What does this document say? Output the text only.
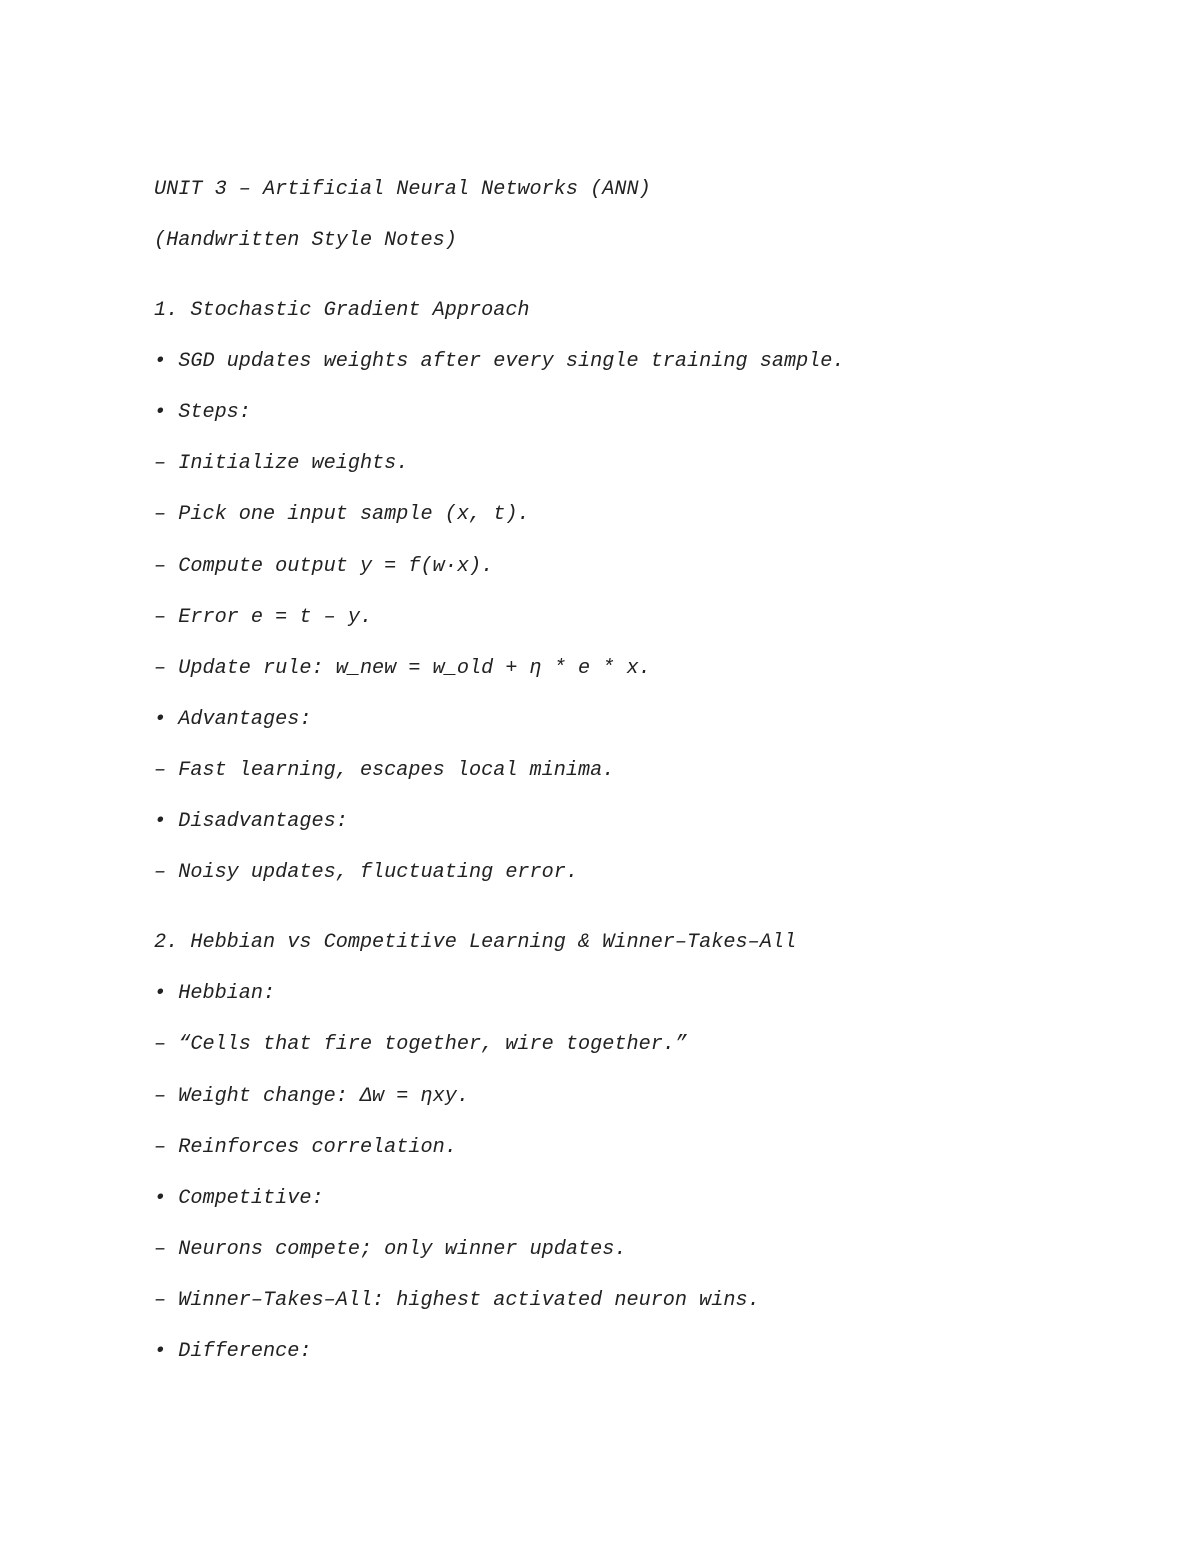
UNIT 3 – Artificial Neural Networks (ANN)
(Handwritten Style Notes)
1. Stochastic Gradient Approach
• SGD updates weights after every single training sample.
• Steps:
– Initialize weights.
– Pick one input sample (x, t).
– Compute output y = f(w·x).
– Error e = t – y.
– Update rule: w_new = w_old + η * e * x.
• Advantages:
– Fast learning, escapes local minima.
• Disadvantages:
– Noisy updates, fluctuating error.
2. Hebbian vs Competitive Learning & Winner–Takes–All
• Hebbian:
– “Cells that fire together, wire together.”
– Weight change: Δw = ηxy.
– Reinforces correlation.
• Competitive:
– Neurons compete; only winner updates.
– Winner–Takes–All: highest activated neuron wins.
• Difference:
